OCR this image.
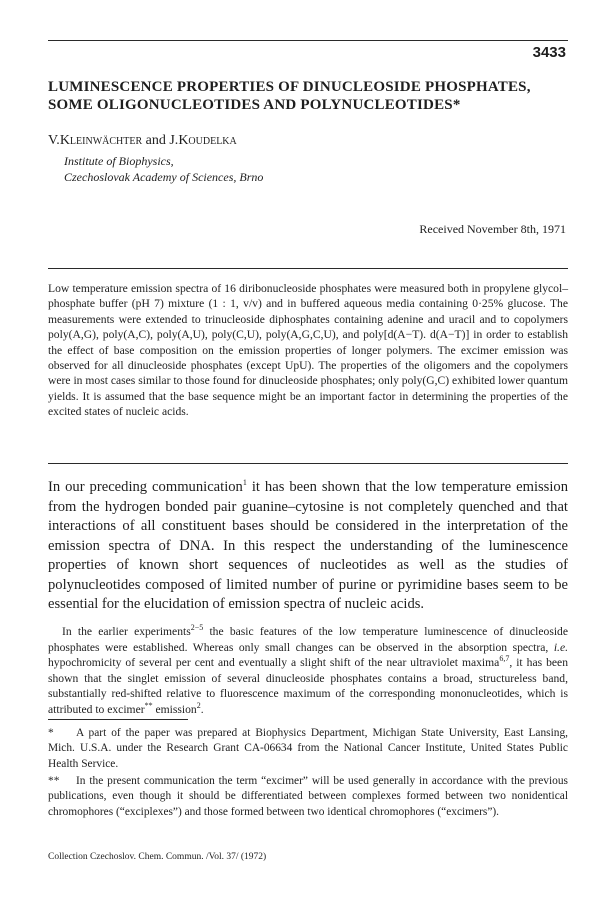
3433
LUMINESCENCE PROPERTIES OF DINUCLEOSIDE PHOSPHATES,
SOME OLIGONUCLEOTIDES AND POLYNUCLEOTIDES*
V.Kleinwächter and J.Koudelka
Institute of Biophysics,
Czechoslovak Academy of Sciences, Brno
Received November 8th, 1971
Low temperature emission spectra of 16 diribonucleoside phosphates were measured both in propylene glycol–phosphate buffer (pH 7) mixture (1 : 1, v/v) and in buffered aqueous media containing 0·25% glucose. The measurements were extended to trinucleoside diphosphates containing adenine and uracil and to copolymers poly(A,G), poly(A,C), poly(A,U), poly(C,U), poly(A,G,C,U), and poly[d(A−T). d(A−T)] in order to establish the effect of base composition on the emission properties of longer polymers. The excimer emission was observed for all dinucleoside phosphates (except UpU). The properties of the oligomers and the copolymers were in most cases similar to those found for dinucleoside phosphates; only poly(G,C) exhibited lower quantum yields. It is assumed that the base sequence might be an important factor in determining the properties of the excited states of nucleic acids.
In our preceding communication$^1$ it has been shown that the low temperature emission from the hydrogen bonded pair guanine–cytosine is not completely quenched and that interactions of all constituent bases should be considered in the interpretation of the emission spectra of DNA. In this respect the understanding of the luminescence properties of known short sequences of nucleotides as well as the studies of polynucleotides composed of limited number of purine or pyrimidine bases seem to be essential for the elucidation of emission spectra of nucleic acids.
In the earlier experiments$^{2-5}$ the basic features of the low temperature luminescence of dinucleoside phosphates were established. Whereas only small changes can be observed in the absorption spectra, i.e. hypochromicity of several per cent and eventually a slight shift of the near ultraviolet maxima$^{6,7}$, it has been shown that the singlet emission of several dinucleoside phosphates contains a broad, structureless band, substantially red-shifted relative to fluorescence maximum of the corresponding mononucleotides, which is attributed to excimer** emission$^2$.
* A part of the paper was prepared at Biophysics Department, Michigan State University, East Lansing, Mich. U.S.A. under the Research Grant CA-06634 from the National Cancer Institute, United States Public Health Service.
** In the present communication the term “excimer” will be used generally in accordance with the previous publications, even though it should be differentiated between complexes formed between two nonidentical chromophores (“exciplexes”) and those formed between two identical chromophores (“excimers”).
Collection Czechoslov. Chem. Commun. /Vol. 37/ (1972)
